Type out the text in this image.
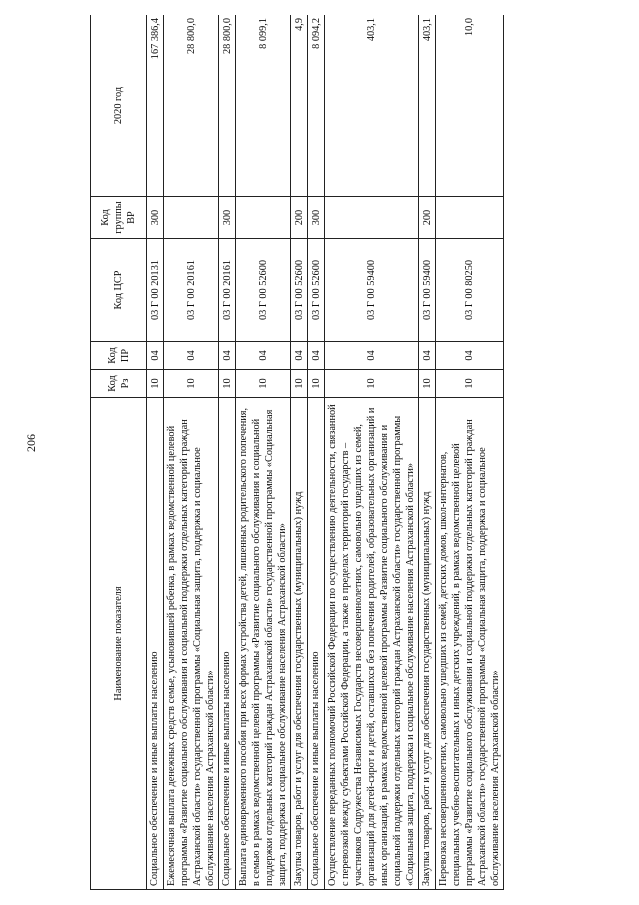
206
Наименование показателя	Код Рз	Код ПР	Код ЦСР	Код группы ВР	2020 год
Социальное обеспечение и иные выплаты населению	10	04	03 Г 00 20131	300	167 386,4
Ежемесячная выплата денежных средств семье, усыновившей ребенка, в рамках ведомственной целевой программы «Развитие социального обслуживания и социальной поддержки отдельных категорий граждан Астраханской области» государственной программы «Социальная защита, поддержка и социальное обслуживание населения Астраханской области»	10	04	03 Г 00 20161		28 800,0
Социальное обеспечение и иные выплаты населению	10	04	03 Г 00 20161	300	28 800,0
Выплата единовременного пособия при всех формах устройства детей, лишенных родительского попечения, в семью в рамках ведомственной целевой программы «Развитие социального обслуживания и социальной поддержки отдельных категорий граждан Астраханской области» государственной программы «Социальная защита, поддержка и социальное обслуживание населения Астраханской области»	10	04	03 Г 00 52600		8 099,1
Закупка товаров, работ и услуг для обеспечения государственных (муниципальных) нужд	10	04	03 Г 00 52600	200	4,9
Социальное обеспечение и иные выплаты населению	10	04	03 Г 00 52600	300	8 094,2
Осуществление переданных полномочий Российской Федерации по осуществлению деятельности, связанной с перевозкой между субъектами Российской Федерации, а также в пределах территорий государств – участников Содружества Независимых Государств несовершеннолетних, самовольно ушедших из семей, организаций для детей-сирот и детей, оставшихся без попечения родителей, образовательных организаций и иных организаций, в рамках ведомственной целевой программы «Развитие социального обслуживания и социальной поддержки отдельных категорий граждан Астраханской области» государственной программы «Социальная защита, поддержка и социальное обслуживание населения Астраханской области»	10	04	03 Г 00 59400		403,1
Закупка товаров, работ и услуг для обеспечения государственных (муниципальных) нужд	10	04	03 Г 00 59400	200	403,1
Перевозка несовершеннолетних, самовольно ушедших из семей, детских домов, школ-интернатов, специальных учебно-воспитательных и иных детских учреждений, в рамках ведомственной целевой программы «Развитие социального обслуживания и социальной поддержки отдельных категорий граждан Астраханской области» государственной программы «Социальная защита, поддержка и социальное обслуживание населения Астраханской области»	10	04	03 Г 00 80250		10,0
